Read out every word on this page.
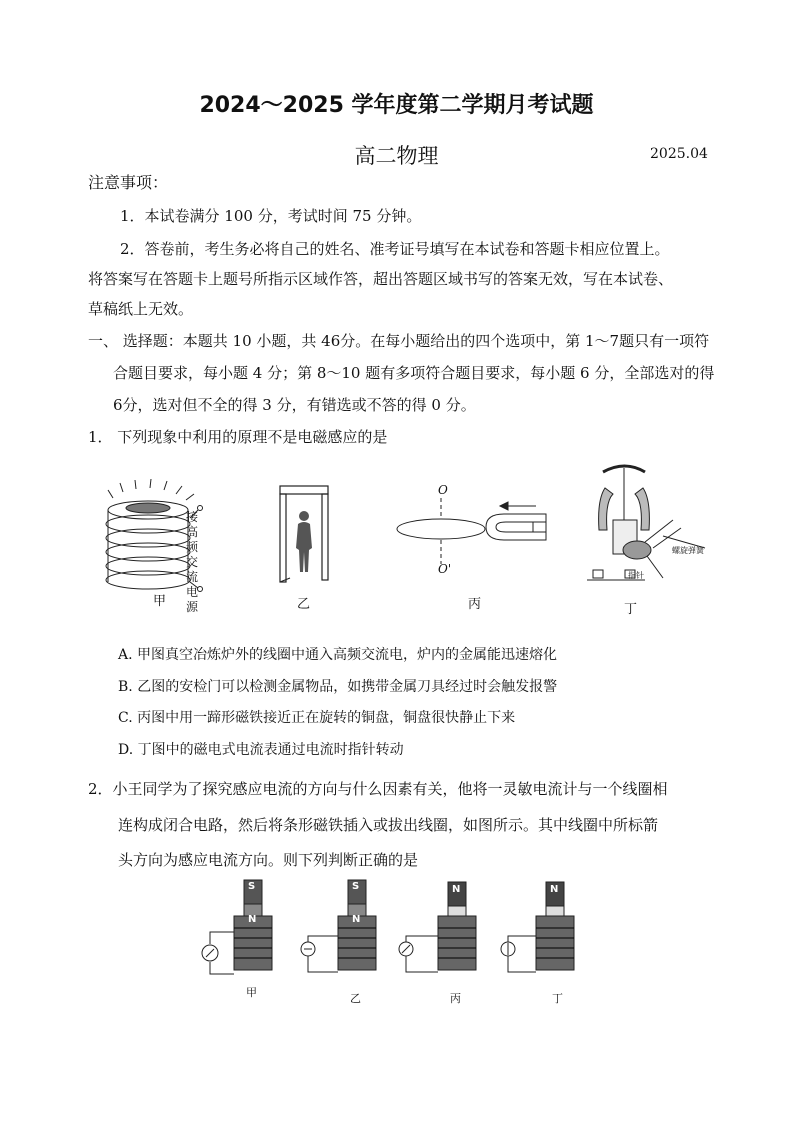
2024～2025 学年度第二学期月考试题
高二物理	2025.04
注意事项：
1．本试卷满分 100 分，考试时间 75 分钟。
2．答卷前，考生务必将自己的姓名、准考证号填写在本试卷和答题卡相应位置上。
将答案写在答题卡上题号所指示区域作答，超出答题区域书写的答案无效，写在本试卷、
草稿纸上无效。
一、 选择题：本题共 10 小题，共 46分。在每小题给出的四个选项中，第 1～7题只有一项符
合题目要求，每小题 4 分；第 8～10 题有多项符合题目要求，每小题 6 分，全部选对的得
6分，选对但不全的得 3 分，有错选或不答的得 0 分。
1． 下列现象中利用的原理不是电磁感应的是
接高频交流电源
甲	乙
O
O'
丙
螺旋弹簧
指针
丁
A. 甲图真空冶炼炉外的线圈中通入高频交流电，炉内的金属能迅速熔化
B. 乙图的安检门可以检测金属物品，如携带金属刀具经过时会触发报警
C. 丙图中用一蹄形磁铁接近正在旋转的铜盘，铜盘很快静止下来
D. 丁图中的磁电式电流表通过电流时指针转动
2．小王同学为了探究感应电流的方向与什么因素有关，他将一灵敏电流计与一个线圈相
连构成闭合电路，然后将条形磁铁插入或拔出线圈，如图所示。其中线圈中所标箭
头方向为感应电流方向。则下列判断正确的是
S
N
甲
S
N
乙
N
丙
N
丁
